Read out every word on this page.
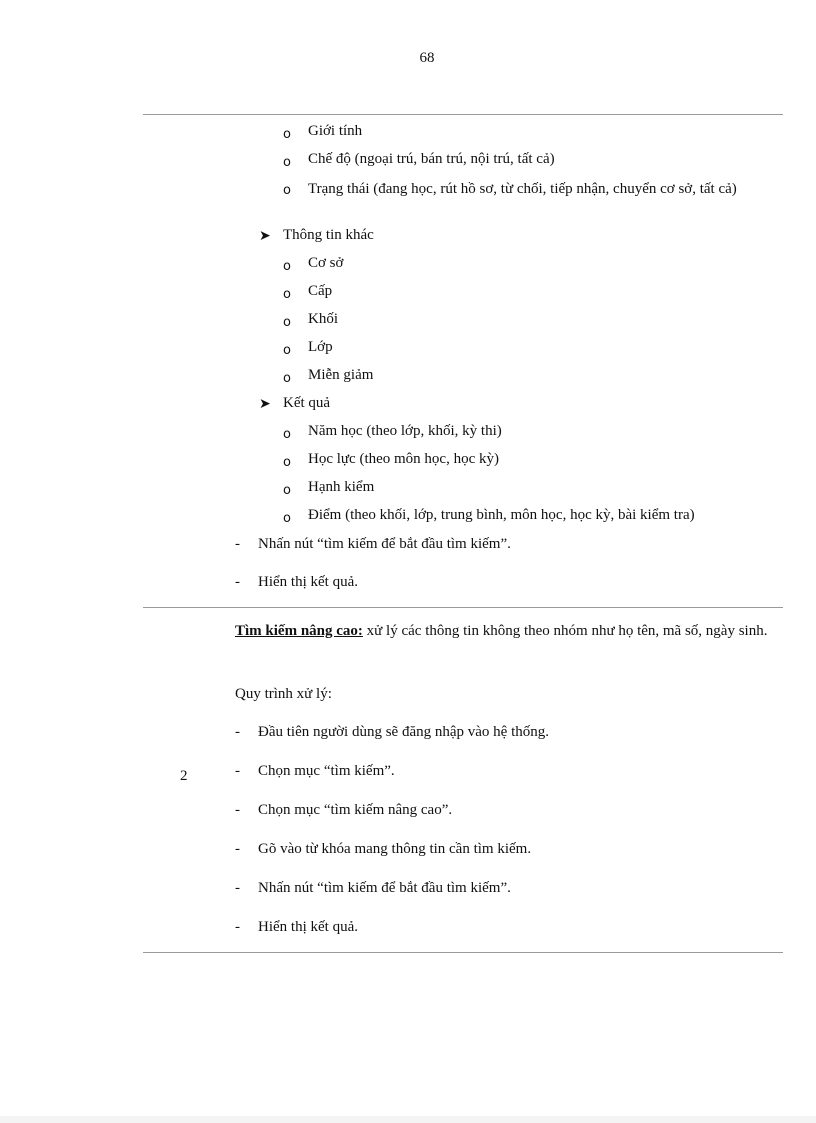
68
o Giới tính
o Chế độ (ngoại trú, bán trú, nội trú, tất cả)
o Trạng thái (đang học, rút hồ sơ, từ chối, tiếp nhận, chuyển cơ sở, tất cả)
➤ Thông tin khác
o Cơ sở
o Cấp
o Khối
o Lớp
o Miễn giảm
➤ Kết quả
o Năm học (theo lớp, khối, kỳ thi)
o Học lực (theo môn học, học kỳ)
o Hạnh kiểm
o Điểm (theo khối, lớp, trung bình, môn học, học kỳ, bài kiểm tra)
- Nhấn nút “tìm kiếm để bắt đầu tìm kiếm”.
- Hiển thị kết quả.
2
Tìm kiếm nâng cao: xử lý các thông tin không theo nhóm như họ tên, mã số, ngày sinh.
Quy trình xử lý:
- Đầu tiên người dùng sẽ đăng nhập vào hệ thống.
- Chọn mục “tìm kiếm”.
- Chọn mục “tìm kiếm nâng cao”.
- Gõ vào từ khóa mang thông tin cần tìm kiếm.
- Nhấn nút “tìm kiếm để bắt đầu tìm kiếm”.
- Hiển thị kết quả.
